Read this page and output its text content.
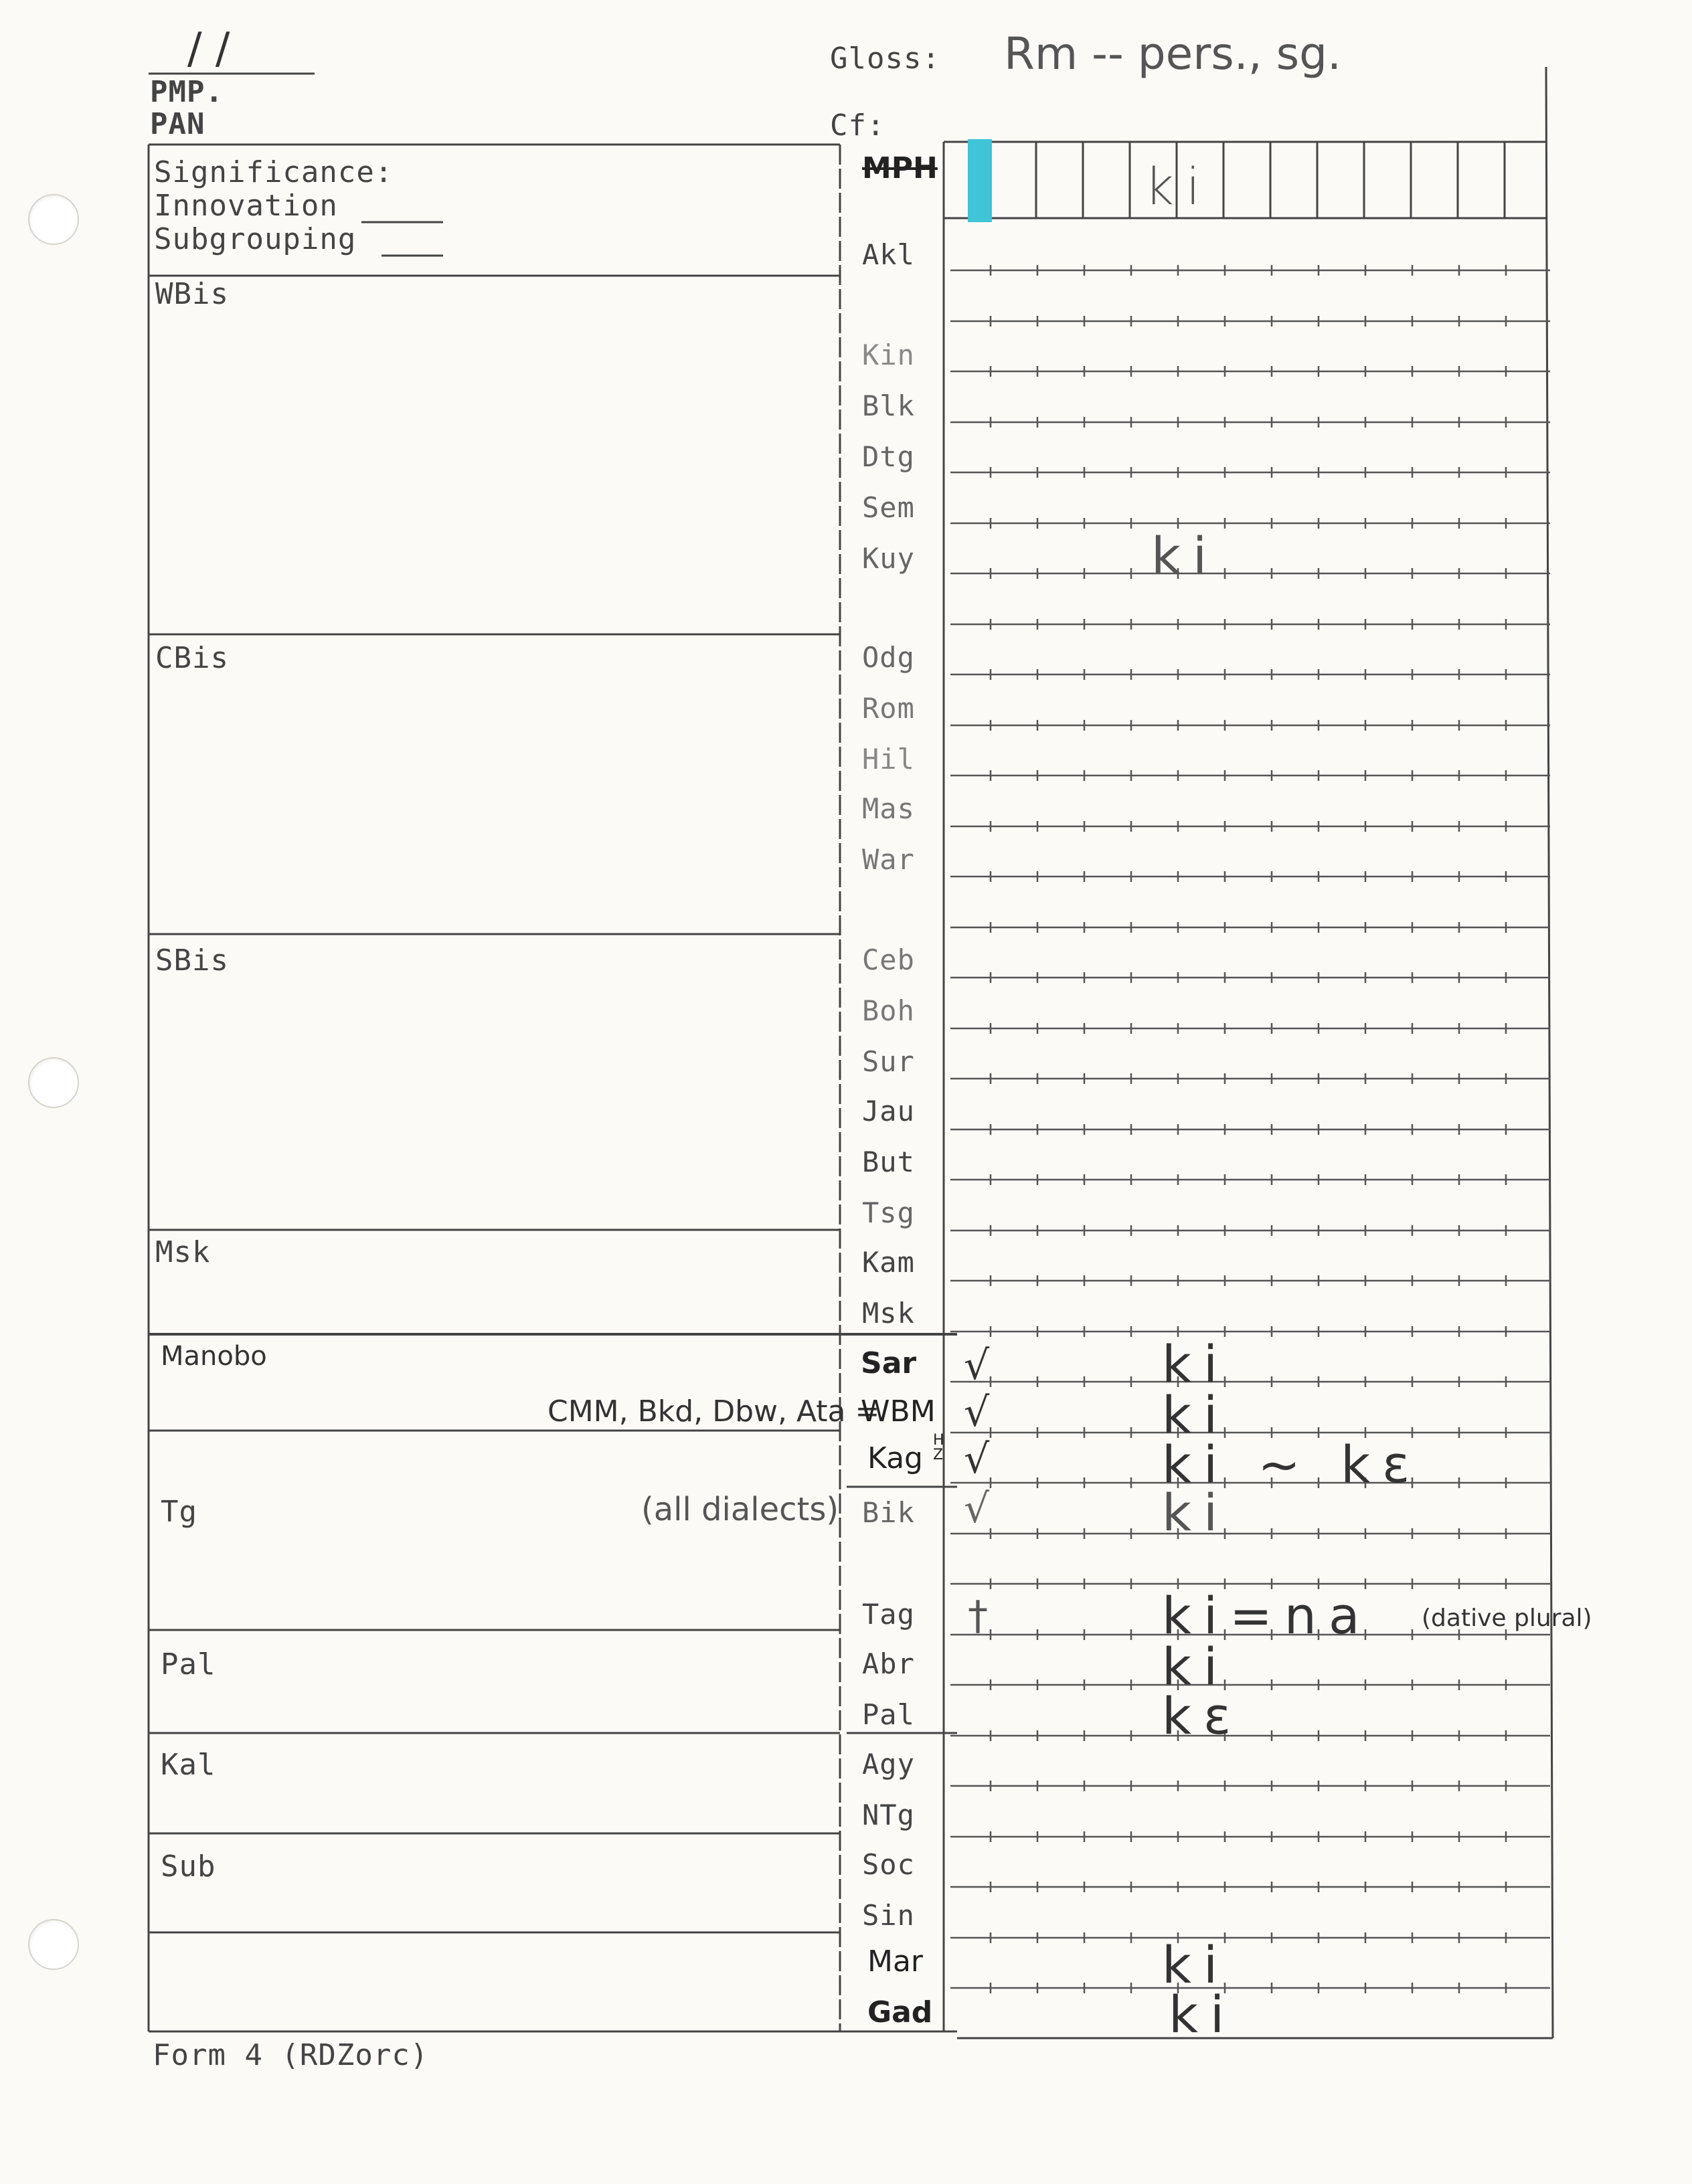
/ /
PMP.
PAN
Gloss: Rm -- pers., sg.
Cf:
Significance:
Innovation
Subgrouping
WBis
CBis
SBis
Msk
Manobo
CMM, Bkd, Dbw, Ata =
Tg	(all dialects)
Pal
Kal
Sub
MPH
Akl
Kin
Blk
Dtg
Sem
Kuy
Odg
Rom
Hil
Mas
War
Ceb
Boh
Sur
Jau
But
Tsg
Kam
Msk
Sar
WBM
Kag
H Z
Bik
Tag
Abr
Pal
Agy
NTg
Soc
Sin
Mar
Gad
√
√
√
√
†
ki
ki
ki
ki
ki ~ kɛ
ki
ki=na (dative plural)
ki
kɛ
ki
ki
Form 4 (RDZorc)
